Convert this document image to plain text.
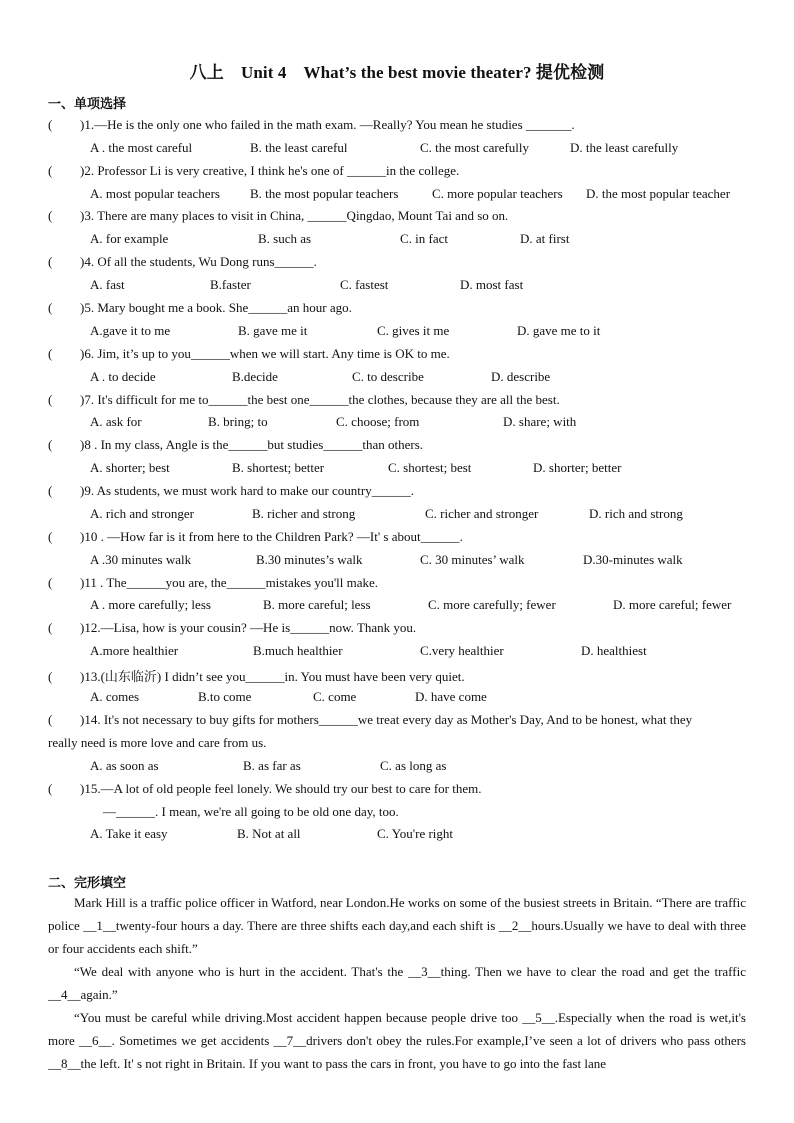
八上　Unit 4　What’s the best movie theater? 提优检测
一、单项选择
( )1.—He is the only one who failed in the math exam. —Really? You mean he studies _______.
A . the most careful	B. the least careful	C. the most carefully	D. the least carefully
( )2. Professor Li is very creative, I think he's one of ______in the college.
A. most popular teachers B. the most popular teachers	C. more popular teachers D. the most popular teacher
( )3. There are many places to visit in China, ______Qingdao, Mount Tai and so on.
A. for example	B. such as	C. in fact	D. at first
( )4. Of all the students, Wu Dong runs______.
A. fast	B.faster	C. fastest	D. most fast
( )5. Mary bought me a book. She______an hour ago.
A.gave it to me	B. gave me it	C. gives it me	D. gave me to it
( )6. Jim, it’s up to you______when we will start. Any time is OK to me.
A . to decide	B.decide	C. to describe	D. describe
( )7. It's difficult for me to______the best one______the clothes, because they are all the best.
A. ask for	B. bring; to	C. choose; from	D. share; with
( )8 . In my class, Angle is the______but studies______than others.
A. shorter; best	B. shortest; better	C. shortest; best	D. shorter; better
( )9. As students, we must work hard to make our country______.
A. rich and stronger	B. richer and strong	C. richer and stronger	D. rich and strong
( )10 . —How far is it from here to the Children Park? —It' s about______.
A .30 minutes walk	B.30 minutes’s walk	C. 30 minutes’ walk	D.30-minutes walk
( )11 . The______you are, the______mistakes you'll make.
A . more carefully; less	B. more careful; less	C. more carefully; fewer	D. more careful; fewer
( )12.—Lisa, how is your cousin? —He is______now. Thank you.
A.more healthier	B.much healthier	C.very healthier	D. healthiest
( )13.(山东临沂) I didn’t see you______in. You must have been very quiet.
A. comes	B.to come	C. come	D. have come
( )14. It's not necessary to buy gifts for mothers______we treat every day as Mother's Day, And to be honest, what they
really need is more love and care from us.
A. as soon as	B. as far as	C. as long as
( )15.—A lot of old people feel lonely. We should try our best to care for them.
—______. I mean, we're all going to be old one day, too.
A. Take it easy	B. Not at all	C. You're right
二、完形填空
Mark Hill is a traffic police officer in Watford, near London.He works on some of the busiest streets in Britain. “There are traffic police __1__twenty-four hours a day. There are three shifts each day,and each shift is __2__hours.Usually we have to deal with three or four accidents each shift.”
“We deal with anyone who is hurt in the accident. That's the __3__thing. Then we have to clear the road and get the traffic __4__again.”
“You must be careful while driving.Most accident happen because people drive too __5__.Especially when the road is wet,it's more __6__. Sometimes we get accidents __7__drivers don't obey the rules.For example,I’ve seen a lot of drivers who pass others __8__the left. It' s not right in Britain. If you want to pass the cars in front, you have to go into the fast lane
